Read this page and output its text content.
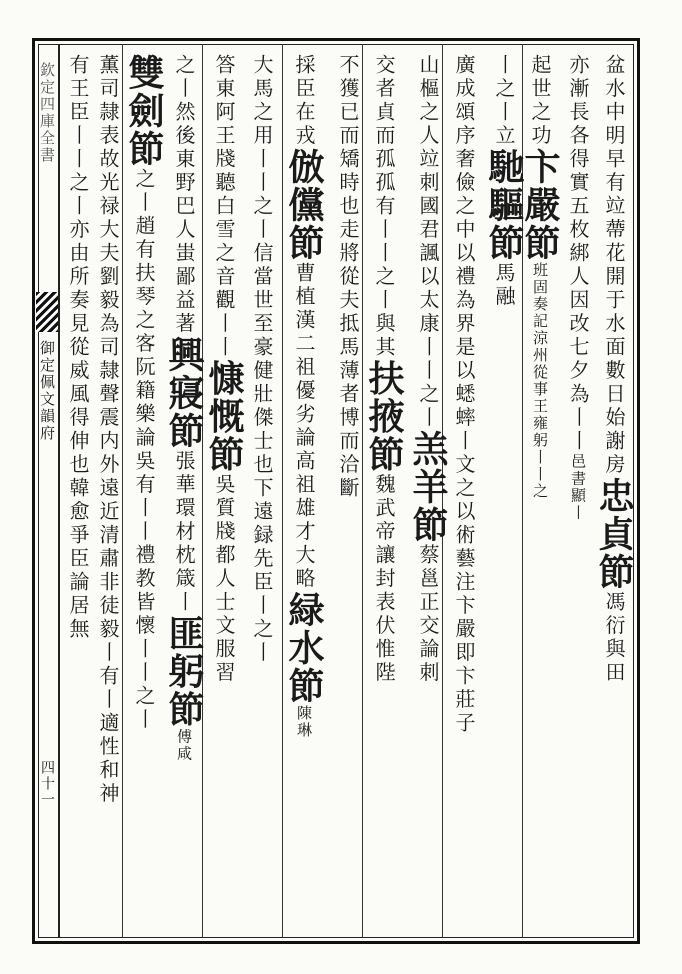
欽定四庫全書
御定佩文韻府
四十一
盆水中明早有竝蔕花開于水面數日始謝房忠貞節馮衍與田
亦漸長各得實五枚綁人因改七夕為丨丨邑書顯丨
起世之功卞嚴節班固奏記涼州從事王雍躬丨丨之
丨之丨立馳驅節馬融
廣成頌序奢儉之中以禮為界是以蟋蟀丨文之以術藝注卞嚴即卞莊子
山樞之人竝刺國君諷以太康丨丨之丨羔羊節蔡邕正交論刺
交者貞而孤孤有丨丨之丨與其扶掖節魏武帝讓封表伏惟陛
不獲已而矯時也走將從夫抵馬薄者博而洽斷
採臣在戎倣儻節曹植漢二祖優劣論高祖雄才大略緑水節陳琳
大馬之用丨丨之丨信當世至豪健壯傑士也下遠録先臣丨之丨
答東阿王牋聽白雪之音觀丨丨慷慨節吳質牋都人士文服習
之丨然後東野巴人蚩鄙益著興寢節張華環材枕箴丨匪躬節傅咸
雙劍節之丨趙有扶琴之客阮籍樂論吳有丨丨禮教皆懷丨丨之丨
薫司隷表故光禄大夫劉毅為司隷聲震内外遠近清肅非徒毅丨有丨適性和神
有王臣丨丨之丨亦由所奏見從威風得伸也韓愈爭臣論居無
